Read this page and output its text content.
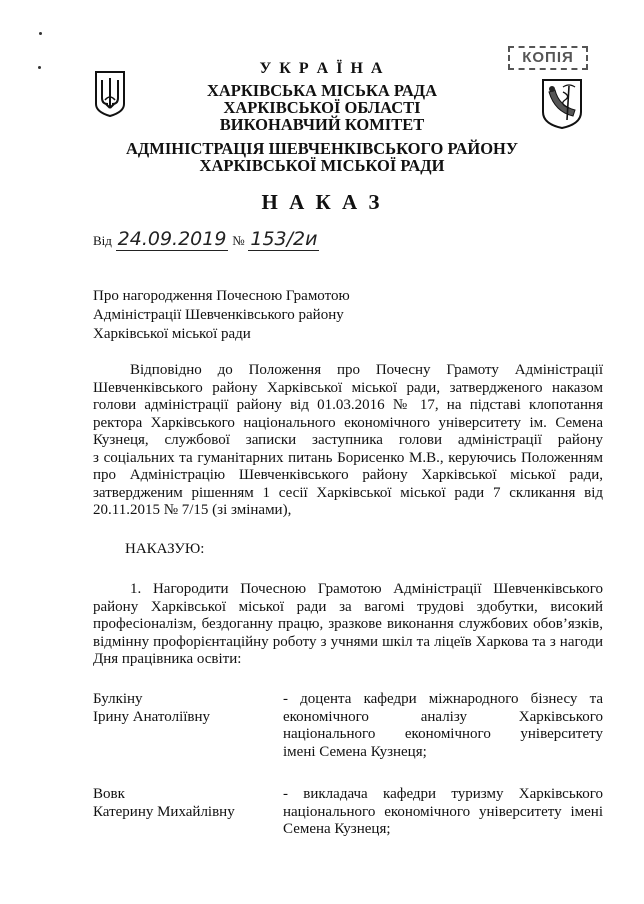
КОПІЯ
У К Р А Ї Н А
ХАРКІВСЬКА МІСЬКА РАДА
ХАРКІВСЬКОЇ ОБЛАСТІ
ВИКОНАВЧИЙ КОМІТЕТ
АДМІНІСТРАЦІЯ ШЕВЧЕНКІВСЬКОГО РАЙОНУ
ХАРКІВСЬКОЇ МІСЬКОЇ РАДИ
Н А К А З
Від 24.09.2019 № 153/2и
Про нагородження Почесною Грамотою
Адміністрації Шевченківського району
Харківської міської ради
Відповідно до Положення про Почесну Грамоту Адміністрації
Шевченківського району Харківської міської ради, затвердженого наказом
голови адміністрації району від 01.03.2016 № 17, на підставі клопотання
ректора Харківського національного економічного університету ім. Семена
Кузнеця, службової записки заступника голови адміністрації району
з соціальних та гуманітарних питань Борисенко М.В., керуючись Положенням
про Адміністрацію Шевченківського району Харківської міської ради,
затвердженим рішенням 1 сесії Харківської міської ради 7 скликання від
20.11.2015 № 7/15 (зі змінами),
НАКАЗУЮ:
1. Нагородити Почесною Грамотою Адміністрації Шевченківського
району Харківської міської ради за вагомі трудові здобутки, високий
професіоналізм, бездоганну працю, зразкове виконання службових обов’язків,
відмінну профорієнтаційну роботу з учнями шкіл та ліцеїв Харкова та з нагоди
Дня працівника освіти:
Булкіну
Ірину Анатоліївну
- доцента кафедри міжнародного бізнесу та
економічного аналізу Харківського
національного економічного університету
імені Семена Кузнеця;
Вовк
Катерину Михайлівну
- викладача кафедри туризму Харківського
національного економічного університету імені
Семена Кузнеця;
